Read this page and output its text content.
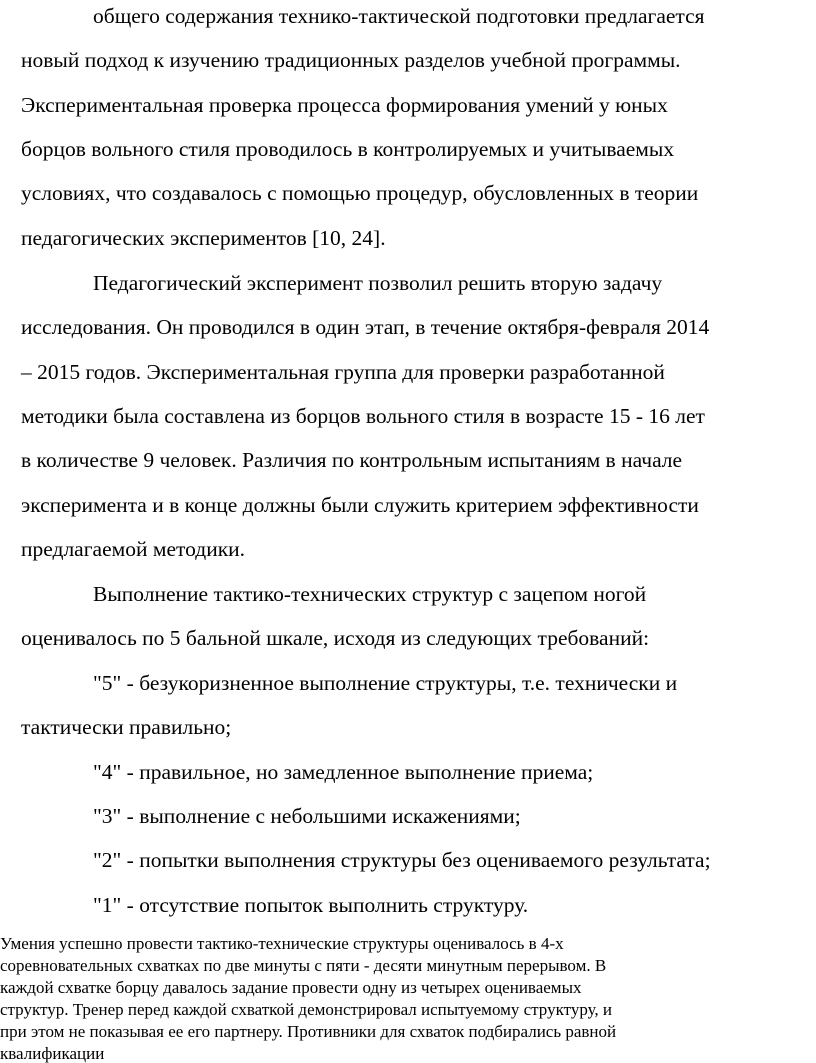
общего содержания технико-тактической подготовки предлагается
новый подход к изучению традиционных разделов учебной программы.
Экспериментальная проверка процесса формирования умений у юных
борцов вольного стиля проводилось в контролируемых и учитываемых
условиях, что создавалось с помощью процедур, обусловленных в теории
педагогических экспериментов [10, 24].
Педагогический эксперимент позволил решить вторую задачу
исследования. Он проводился в один этап, в течение октября-февраля 2014
– 2015 годов. Экспериментальная группа для проверки разработанной
методики была составлена из борцов вольного стиля в возрасте 15 - 16 лет
в количестве 9 человек. Различия по контрольным испытаниям в начале
эксперимента и в конце должны были служить критерием эффективности
предлагаемой методики.
Выполнение тактико-технических структур с зацепом ногой
оценивалось по 5 бальной шкале, исходя из следующих требований:
"5" - безукоризненное выполнение структуры, т.е. технически и
тактически правильно;
"4" - правильное, но замедленное выполнение приема;
"3" - выполнение с небольшими искажениями;
"2" - попытки выполнения структуры без оцениваемого результата;
"1" - отсутствие попыток выполнить структуру.
Умения успешно провести тактико-технические структуры оценивалось в 4-х
соревновательных схватках по две минуты с пяти - десяти минутным перерывом. В
каждой схватке борцу давалось задание провести одну из четырех оцениваемых
структур. Тренер перед каждой схваткой демонстрировал испытуемому структуру, и
при этом не показывая ее его партнеру. Противники для схваток подбирались равной
квалификации
